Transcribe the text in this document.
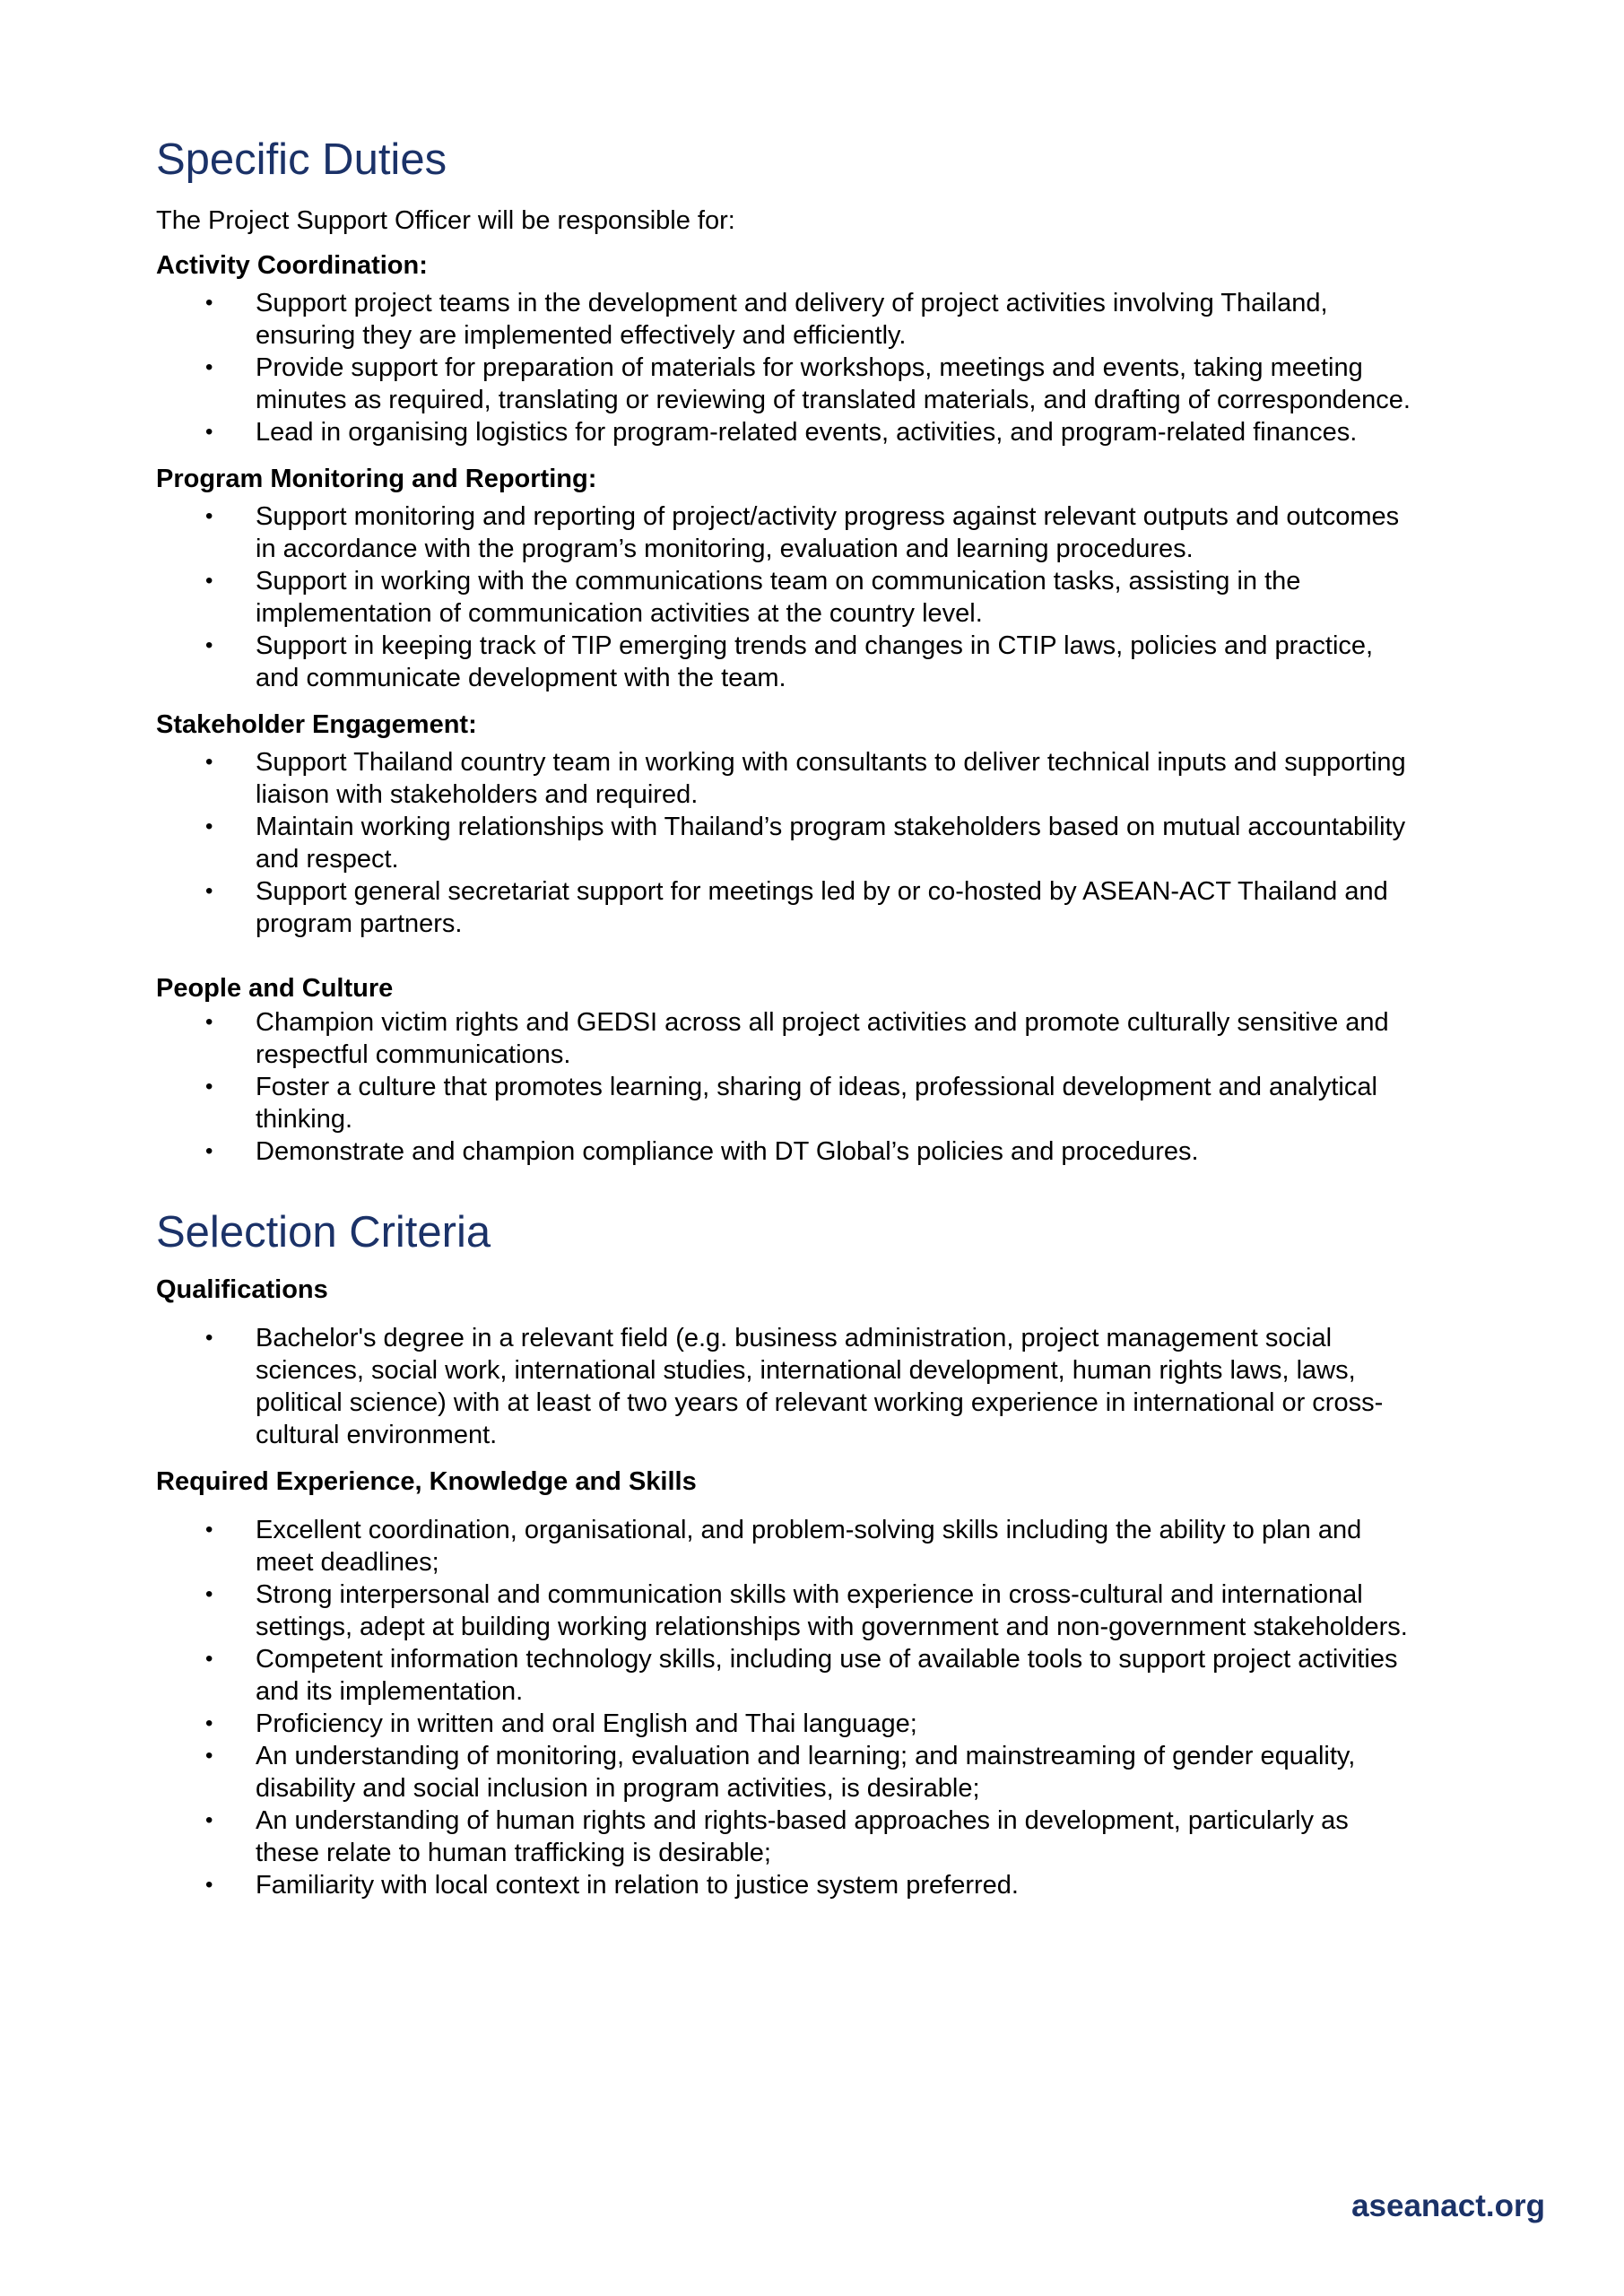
Specific Duties

The Project Support Officer will be responsible for:

Activity Coordination:

• Support project teams in the development and delivery of project activities involving Thailand, ensuring they are implemented effectively and efficiently.
• Provide support for preparation of materials for workshops, meetings and events, taking meeting minutes as required, translating or reviewing of translated materials, and drafting of correspondence.
• Lead in organising logistics for program-related events, activities, and program-related finances.

Program Monitoring and Reporting:

• Support monitoring and reporting of project/activity progress against relevant outputs and outcomes in accordance with the program’s monitoring, evaluation and learning procedures.
• Support in working with the communications team on communication tasks, assisting in the implementation of communication activities at the country level.
• Support in keeping track of TIP emerging trends and changes in CTIP laws, policies and practice, and communicate development with the team.

Stakeholder Engagement:

• Support Thailand country team in working with consultants to deliver technical inputs and supporting liaison with stakeholders and required.
• Maintain working relationships with Thailand’s program stakeholders based on mutual accountability and respect.
• Support general secretariat support for meetings led by or co-hosted by ASEAN-ACT Thailand and program partners.

People and Culture

• Champion victim rights and GEDSI across all project activities and promote culturally sensitive and respectful communications.
• Foster a culture that promotes learning, sharing of ideas, professional development and analytical thinking.
• Demonstrate and champion compliance with DT Global’s policies and procedures.
Selection Criteria

Qualifications

• Bachelor's degree in a relevant field (e.g. business administration, project management social sciences, social work, international studies, international development, human rights laws, laws, political science) with at least of two years of relevant working experience in international or cross-cultural environment.

Required Experience, Knowledge and Skills

• Excellent coordination, organisational, and problem-solving skills including the ability to plan and meet deadlines;
• Strong interpersonal and communication skills with experience in cross-cultural and international settings, adept at building working relationships with government and non-government stakeholders.
• Competent information technology skills, including use of available tools to support project activities and its implementation.
• Proficiency in written and oral English and Thai language;
• An understanding of monitoring, evaluation and learning; and mainstreaming of gender equality, disability and social inclusion in program activities, is desirable;
• An understanding of human rights and rights-based approaches in development, particularly as these relate to human trafficking is desirable;
• Familiarity with local context in relation to justice system preferred.
aseanact.org
